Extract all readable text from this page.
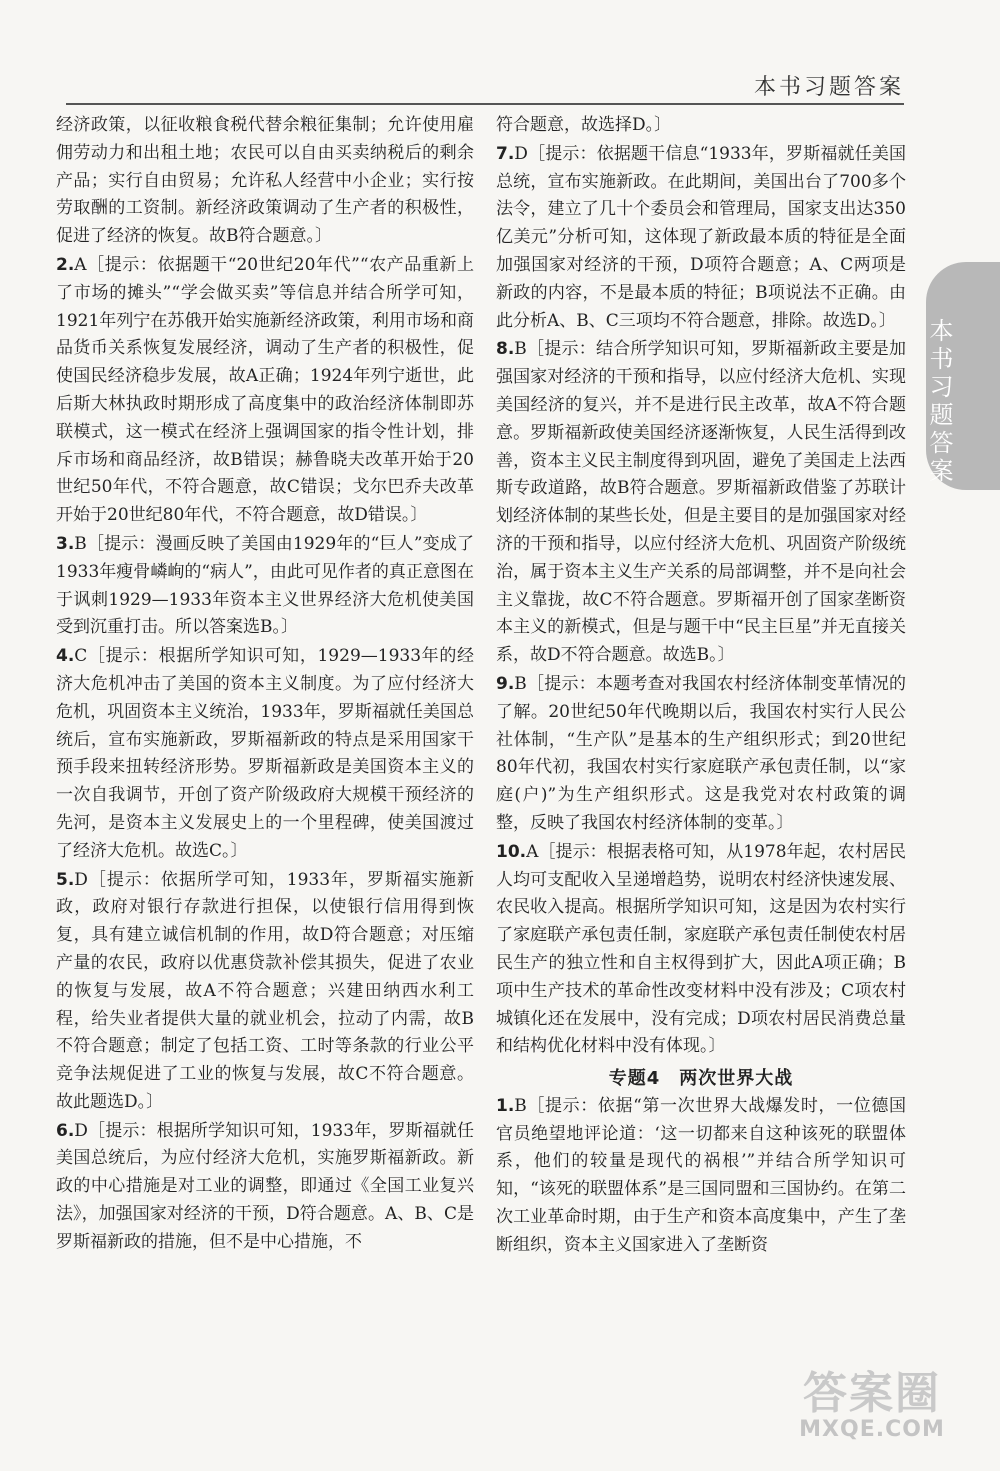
本书习题答案
本书习题答案

经济政策，以征收粮食税代替余粮征集制；允许使用雇佣劳动力和出租土地；农民可以自由买卖纳税后的剩余产品；实行自由贸易；允许私人经营中小企业；实行按劳取酬的工资制。新经济政策调动了生产者的积极性，促进了经济的恢复。故B符合题意。〕

2.A［提示：依据题干“20世纪20年代”“农产品重新上了市场的摊头”“学会做买卖”等信息并结合所学可知，1921年列宁在苏俄开始实施新经济政策，利用市场和商品货币关系恢复发展经济，调动了生产者的积极性，促使国民经济稳步发展，故A正确；1924年列宁逝世，此后斯大林执政时期形成了高度集中的政治经济体制即苏联模式，这一模式在经济上强调国家的指令性计划，排斥市场和商品经济，故B错误；赫鲁晓夫改革开始于20世纪50年代，不符合题意，故C错误；戈尔巴乔夫改革开始于20世纪80年代，不符合题意，故D错误。〕

3.B［提示：漫画反映了美国由1929年的“巨人”变成了1933年瘦骨嶙峋的“病人”，由此可见作者的真正意图在于讽刺1929—1933年资本主义世界经济大危机使美国受到沉重打击。所以答案选B。〕

4.C［提示：根据所学知识可知，1929—1933年的经济大危机冲击了美国的资本主义制度。为了应付经济大危机，巩固资本主义统治，1933年，罗斯福就任美国总统后，宣布实施新政，罗斯福新政的特点是采用国家干预手段来扭转经济形势。罗斯福新政是美国资本主义的一次自我调节，开创了资产阶级政府大规模干预经济的先河，是资本主义发展史上的一个里程碑，使美国渡过了经济大危机。故选C。〕

5.D［提示：依据所学可知，1933年，罗斯福实施新政，政府对银行存款进行担保，以使银行信用得到恢复，具有建立诚信机制的作用，故D符合题意；对压缩产量的农民，政府以优惠贷款补偿其损失，促进了农业的恢复与发展，故A不符合题意；兴建田纳西水利工程，给失业者提供大量的就业机会，拉动了内需，故B不符合题意；制定了包括工资、工时等条款的行业公平竞争法规促进了工业的恢复与发展，故C不符合题意。故此题选D。〕

6.D［提示：根据所学知识可知，1933年，罗斯福就任美国总统后，为应付经济大危机，实施罗斯福新政。新政的中心措施是对工业的调整，即通过《全国工业复兴法》，加强国家对经济的干预，D符合题意。A、B、C是罗斯福新政的措施，但不是中心措施，不

符合题意，故选择D。〕

7.D［提示：依据题干信息“1933年，罗斯福就任美国总统，宣布实施新政。在此期间，美国出台了700多个法令，建立了几十个委员会和管理局，国家支出达350亿美元”分析可知，这体现了新政最本质的特征是全面加强国家对经济的干预，D项符合题意；A、C两项是新政的内容，不是最本质的特征；B项说法不正确。由此分析A、B、C三项均不符合题意，排除。故选D。〕

8.B［提示：结合所学知识可知，罗斯福新政主要是加强国家对经济的干预和指导，以应付经济大危机、实现美国经济的复兴，并不是进行民主改革，故A不符合题意。罗斯福新政使美国经济逐渐恢复，人民生活得到改善，资本主义民主制度得到巩固，避免了美国走上法西斯专政道路，故B符合题意。罗斯福新政借鉴了苏联计划经济体制的某些长处，但是主要目的是加强国家对经济的干预和指导，以应付经济大危机、巩固资产阶级统治，属于资本主义生产关系的局部调整，并不是向社会主义靠拢，故C不符合题意。罗斯福开创了国家垄断资本主义的新模式，但是与题干中“民主巨星”并无直接关系，故D不符合题意。故选B。〕

9.B［提示：本题考查对我国农村经济体制变革情况的了解。20世纪50年代晚期以后，我国农村实行人民公社体制，“生产队”是基本的生产组织形式；到20世纪80年代初，我国农村实行家庭联产承包责任制，以“家庭(户)”为生产组织形式。这是我党对农村政策的调整，反映了我国农村经济体制的变革。〕

10.A［提示：根据表格可知，从1978年起，农村居民人均可支配收入呈递增趋势，说明农村经济快速发展、农民收入提高。根据所学知识可知，这是因为农村实行了家庭联产承包责任制，家庭联产承包责任制使农村居民生产的独立性和自主权得到扩大，因此A项正确；B项中生产技术的革命性改变材料中没有涉及；C项农村城镇化还在发展中，没有完成；D项农村居民消费总量和结构优化材料中没有体现。〕

专题4　两次世界大战

1.B［提示：依据“第一次世界大战爆发时，一位德国官员绝望地评论道：‘这一切都来自这种该死的联盟体系，他们的较量是现代的祸根’”并结合所学知识可知，“该死的联盟体系”是三国同盟和三国协约。在第二次工业革命时期，由于生产和资本高度集中，产生了垄断组织，资本主义国家进入了垄断资

答案圈
MXQE.COM
